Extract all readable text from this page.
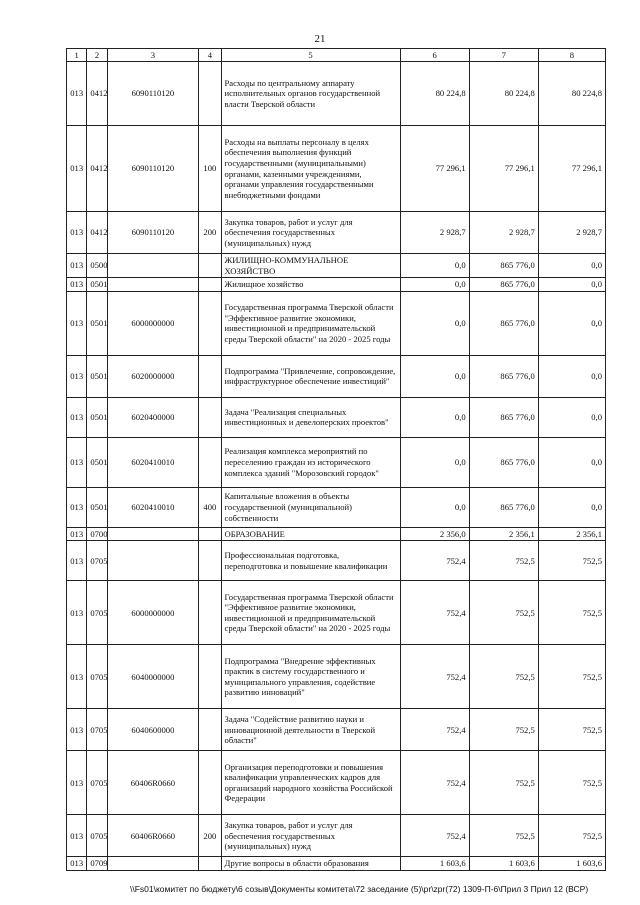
21
1	2	3	4	5	6	7	8
013	0412	6090110120		Расходы по центральному аппарату исполнительных органов государственной власти Тверской области	80 224,8	80 224,8	80 224,8
013	0412	6090110120	100	Расходы на выплаты персоналу в целях обеспечения выполнения функций государственными (муниципальными) органами, казенными учреждениями, органами управления государственными внебюджетными фондами	77 296,1	77 296,1	77 296,1
013	0412	6090110120	200	Закупка товаров, работ и услуг для обеспечения государственных (муниципальных) нужд	2 928,7	2 928,7	2 928,7
013	0500			ЖИЛИЩНО-КОММУНАЛЬНОЕ ХОЗЯЙСТВО	0,0	865 776,0	0,0
013	0501			Жилищное хозяйство	0,0	865 776,0	0,0
013	0501	6000000000		Государственная программа Тверской области "Эффективное развитие экономики, инвестиционной и предпринимательской среды Тверской области" на 2020 - 2025 годы	0,0	865 776,0	0,0
013	0501	6020000000		Подпрограмма "Привлечение, сопровождение, инфраструктурное обеспечение инвестиций"	0,0	865 776,0	0,0
013	0501	6020400000		Задача "Реализация специальных инвестиционных и девелоперских проектов"	0,0	865 776,0	0,0
013	0501	6020410010		Реализация комплекса мероприятий по переселению граждан из исторического комплекса зданий "Морозовский городок"	0,0	865 776,0	0,0
013	0501	6020410010	400	Капитальные вложения в объекты государственной (муниципальной) собственности	0,0	865 776,0	0,0
013	0700			ОБРАЗОВАНИЕ	2 356,0	2 356,1	2 356,1
013	0705			Профессиональная подготовка, переподготовка и повышение квалификации	752,4	752,5	752,5
013	0705	6000000000		Государственная программа Тверской области "Эффективное развитие экономики, инвестиционной и предпринимательской среды Тверской области" на 2020 - 2025 годы	752,4	752,5	752,5
013	0705	6040000000		Подпрограмма "Внедрение эффективных практик в систему государственного и муниципального управления, содействие развитию инноваций"	752,4	752,5	752,5
013	0705	6040600000		Задача "Содействие развитию науки и инновационной деятельности в Тверской области"	752,4	752,5	752,5
013	0705	60406R0660		Организация переподготовки и повышения квалификации управленческих кадров для организаций народного хозяйства Российской Федерации	752,4	752,5	752,5
013	0705	60406R0660	200	Закупка товаров, работ и услуг для обеспечения государственных (муниципальных) нужд	752,4	752,5	752,5
013	0709			Другие вопросы в области образования	1 603,6	1 603,6	1 603,6
\\Fs01\комитет по бюджету\6 созыв\Документы комитета\72 заседание (5)\pr\zpr(72) 1309-П-6\Прил 3 Прил 12 (ВСР)
